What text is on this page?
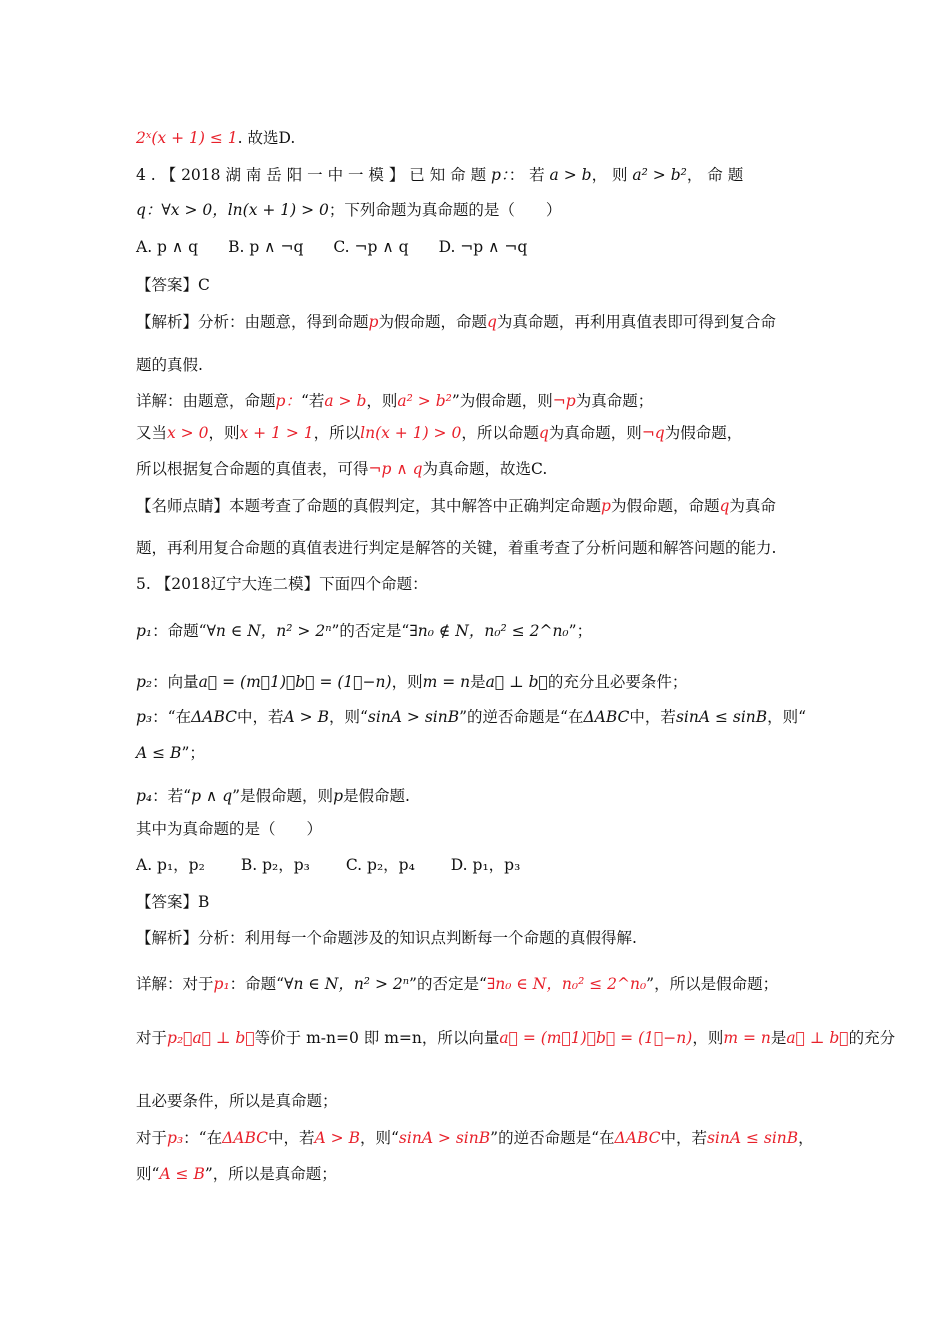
2ˣ(x + 1) ≤ 1. 故选D.
4 . 【 2018 湖 南 岳 阳 一 中 一 模 】 已 知 命 题 p：： 若 a > b， 则 a² > b²， 命 题
q：∀x > 0，ln(x + 1) > 0；下列命题为真命题的是（　　）
A. p ∧ q B. p ∧ ¬q C. ¬p ∧ q D. ¬p ∧ ¬q
【答案】C
【解析】分析：由题意，得到命题p为假命题，命题q为真命题，再利用真值表即可得到复合命
题的真假.
详解：由题意，命题p：“若a > b，则a² > b²”为假命题，则¬p为真命题；
又当x > 0，则x + 1 > 1，所以ln(x + 1) > 0，所以命题q为真命题，则¬q为假命题，
所以根据复合命题的真值表，可得¬p ∧ q为真命题，故选C.
【名师点睛】本题考查了命题的真假判定，其中解答中正确判定命题p为假命题，命题q为真命
题，再利用复合命题的真值表进行判定是解答的关键，着重考查了分析问题和解答问题的能力.
5. 【2018辽宁大连二模】下面四个命题：
p₁：命题“∀n ∈ N，n² > 2ⁿ”的否定是“∃n₀ ∉ N，n₀² ≤ 2^n₀”；
p₂：向量a⃗ = (m，1)，b⃗ = (1，−n)，则m = n是a⃗ ⊥ b⃗的充分且必要条件；
p₃：“在ΔABC中，若A > B，则“sinA > sinB”的逆否命题是“在ΔABC中，若sinA ≤ sinB，则“
A ≤ B”；
p₄：若“p ∧ q”是假命题，则p是假命题.
其中为真命题的是（　　）
A. p₁，p₂ B. p₂，p₃ C. p₂，p₄ D. p₁，p₃
【答案】B
【解析】分析：利用每一个命题涉及的知识点判断每一个命题的真假得解.
详解：对于p₁：命题“∀n ∈ N，n² > 2ⁿ”的否定是“∃n₀ ∈ N，n₀² ≤ 2^n₀”，所以是假命题；
对于p₂：a⃗ ⊥ b⃗等价于 m-n=0 即 m=n，所以向量a⃗ = (m，1)，b⃗ = (1，−n)，则m = n是a⃗ ⊥ b⃗的充分
且必要条件，所以是真命题；
对于p₃：“在ΔABC中，若A > B，则“sinA > sinB”的逆否命题是“在ΔABC中，若sinA ≤ sinB，
则“A ≤ B”，所以是真命题；
